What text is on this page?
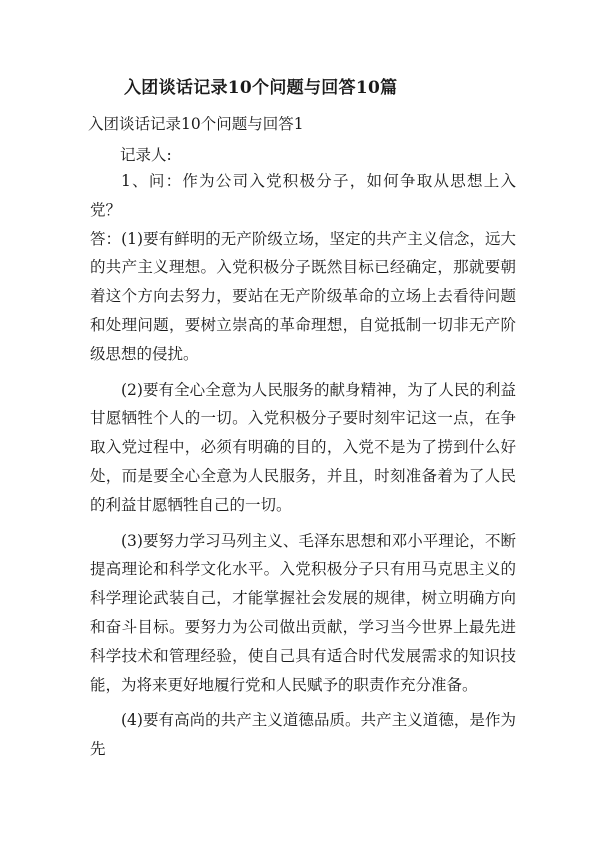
入团谈话记录10个问题与回答10篇
入团谈话记录10个问题与回答1
记录人:

1、问：作为公司入党积极分子，如何争取从思想上入党？

答：(1)要有鲜明的无产阶级立场，坚定的共产主义信念，远大的共产主义理想。入党积极分子既然目标已经确定，那就要朝着这个方向去努力，要站在无产阶级革命的立场上去看待问题和处理问题，要树立崇高的革命理想，自觉抵制一切非无产阶级思想的侵扰。

(2)要有全心全意为人民服务的献身精神，为了人民的利益甘愿牺牲个人的一切。入党积极分子要时刻牢记这一点，在争取入党过程中，必须有明确的目的，入党不是为了捞到什么好处，而是要全心全意为人民服务，并且，时刻准备着为了人民的利益甘愿牺牲自己的一切。

(3)要努力学习马列主义、毛泽东思想和邓小平理论，不断提高理论和科学文化水平。入党积极分子只有用马克思主义的科学理论武装自己，才能掌握社会发展的规律，树立明确方向和奋斗目标。要努力为公司做出贡献，学习当今世界上最先进科学技术和管理经验，使自己具有适合时代发展需求的知识技能，为将来更好地履行党和人民赋予的职责作充分准备。

(4)要有高尚的共产主义道德品质。共产主义道德，是作为先
